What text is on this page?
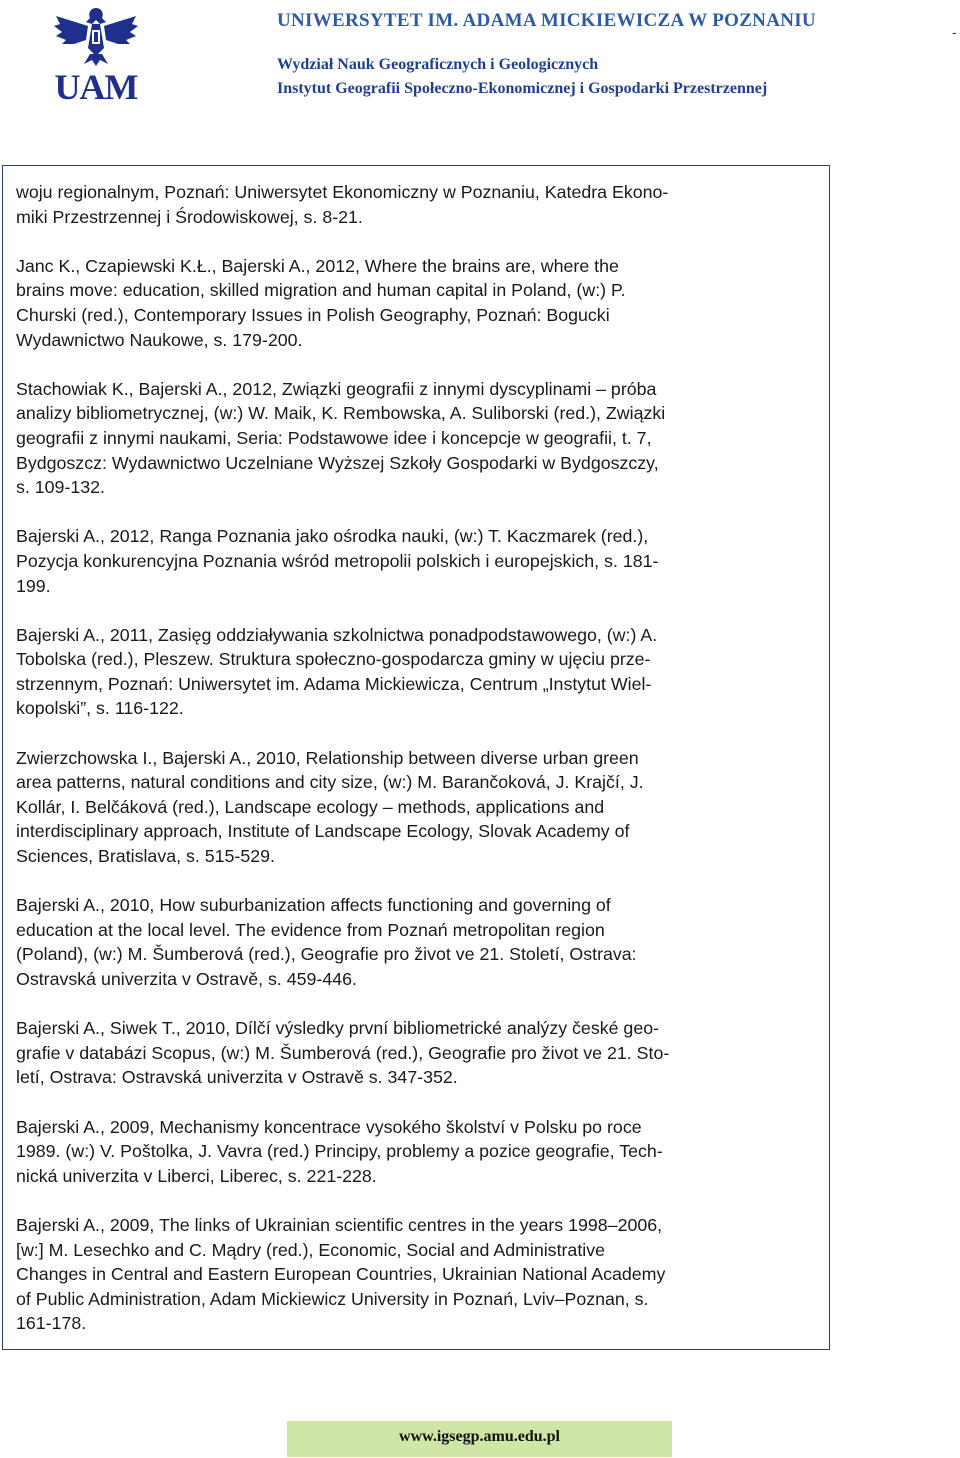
UAM
UNIWERSYTET IM. ADAMA MICKIEWICZA W POZNANIU
Wydział Nauk Geograficznych i Geologicznych
Instytut Geografii Społeczno-Ekonomicznej i Gospodarki Przestrzennej
-
woju regionalnym, Poznań: Uniwersytet Ekonomiczny w Poznaniu, Katedra Ekono-
miki Przestrzennej i Środowiskowej, s. 8-21.
Janc K., Czapiewski K.Ł., Bajerski A., 2012, Where the brains are, where the
brains move: education, skilled migration and human capital in Poland, (w:) P.
Churski (red.), Contemporary Issues in Polish Geography, Poznań: Bogucki
Wydawnictwo Naukowe, s. 179-200.
Stachowiak K., Bajerski A., 2012, Związki geografii z innymi dyscyplinami – próba
analizy bibliometrycznej, (w:) W. Maik, K. Rembowska, A. Suliborski (red.), Związki
geografii z innymi naukami, Seria: Podstawowe idee i koncepcje w geografii, t. 7,
Bydgoszcz: Wydawnictwo Uczelniane Wyższej Szkoły Gospodarki w Bydgoszczy,
s. 109-132.
Bajerski A., 2012, Ranga Poznania jako ośrodka nauki, (w:) T. Kaczmarek (red.),
Pozycja konkurencyjna Poznania wśród metropolii polskich i europejskich, s. 181-
199.
Bajerski A., 2011, Zasięg oddziaływania szkolnictwa ponadpodstawowego, (w:) A.
Tobolska (red.), Pleszew. Struktura społeczno-gospodarcza gminy w ujęciu prze-
strzennym, Poznań: Uniwersytet im. Adama Mickiewicza, Centrum „Instytut Wiel-
kopolski”, s. 116-122.
Zwierzchowska I., Bajerski A., 2010, Relationship between diverse urban green
area patterns, natural conditions and city size, (w:) M. Barančoková, J. Krajčí, J.
Kollár, I. Belčáková (red.), Landscape ecology – methods, applications and
interdisciplinary approach, Institute of Landscape Ecology, Slovak Academy of
Sciences, Bratislava, s. 515-529.
Bajerski A., 2010, How suburbanization affects functioning and governing of
education at the local level. The evidence from Poznań metropolitan region
(Poland), (w:) M. Šumberová (red.), Geografie pro život ve 21. Století, Ostrava:
Ostravská univerzita v Ostravě, s. 459-446.
Bajerski A., Siwek T., 2010, Dílčí výsledky první bibliometrické analýzy české geo-
grafie v databázi Scopus, (w:) M. Šumberová (red.), Geografie pro život ve 21. Sto-
letí, Ostrava: Ostravská univerzita v Ostravě s. 347-352.
Bajerski A., 2009, Mechanismy koncentrace vysokého školství v Polsku po roce
1989. (w:) V. Poštolka, J. Vavra (red.) Principy, problemy a pozice geografie, Tech-
nická univerzita v Liberci, Liberec, s. 221-228.
Bajerski A., 2009, The links of Ukrainian scientific centres in the years 1998–2006,
[w:] M. Lesechko and C. Mądry (red.), Economic, Social and Administrative
Changes in Central and Eastern European Countries, Ukrainian National Academy
of Public Administration, Adam Mickiewicz University in Poznań, Lviv–Poznan, s.
161-178.
www.igsegp.amu.edu.pl
